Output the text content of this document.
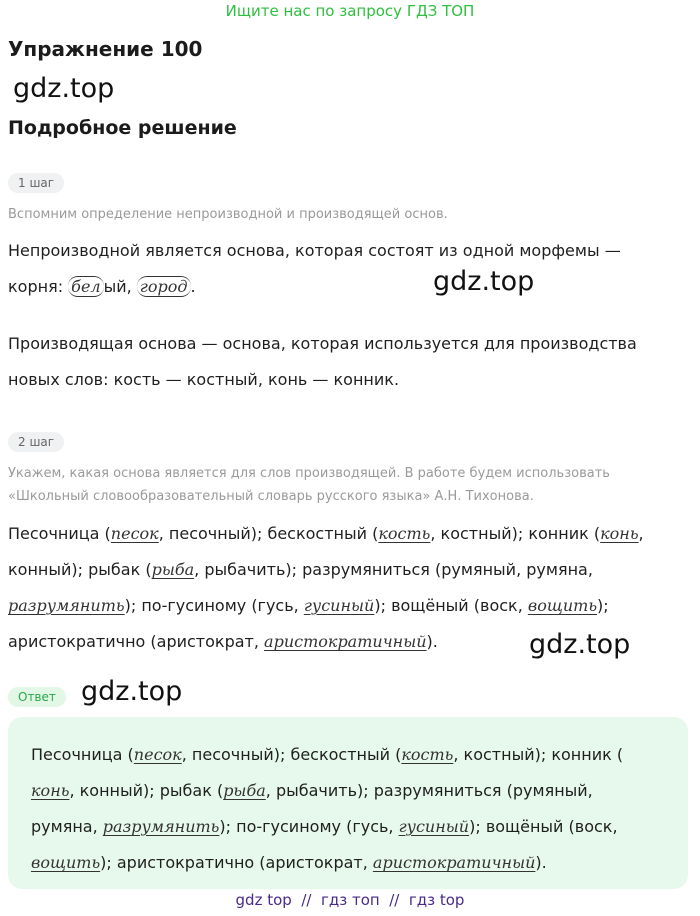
Ищите нас по запросу ГДЗ ТОП
Упражнение 100
gdz.top
Подробное решение
1 шаг
Вспомним определение непроизводной и производящей основ.
Непроизводной является основа, которая состоят из одной морфемы —
корня: бел ый, город .	gdz.top
Производящая основа — основа, которая используется для производства
новых слов: кость — костный, конь — конник.
2 шаг
Укажем, какая основа является для слов производящей. В работе будем использовать
«Школьный словообразовательный словарь русского языка» А.Н. Тихонова.
Песочница (песок, песочный); бескостный (кость, костный); конник (конь,
конный); рыбак (рыба, рыбачить); разрумяниться (румяный, румяна,
разрумянить); по-гусиному (гусь, гусиный); вощёный (воск, вощить);
аристократично (аристократ, аристократичный).	gdz.top
Ответ gdz.top
Песочница (песок, песочный); бескостный (кость, костный); конник (
конь, конный); рыбак (рыба, рыбачить); разрумяниться (румяный,
румяна, разрумянить); по-гусиному (гусь, гусиный); вощёный (воск,
вощить); аристократично (аристократ, аристократичный).
gdz top  //  гдз топ  //  гдз top
